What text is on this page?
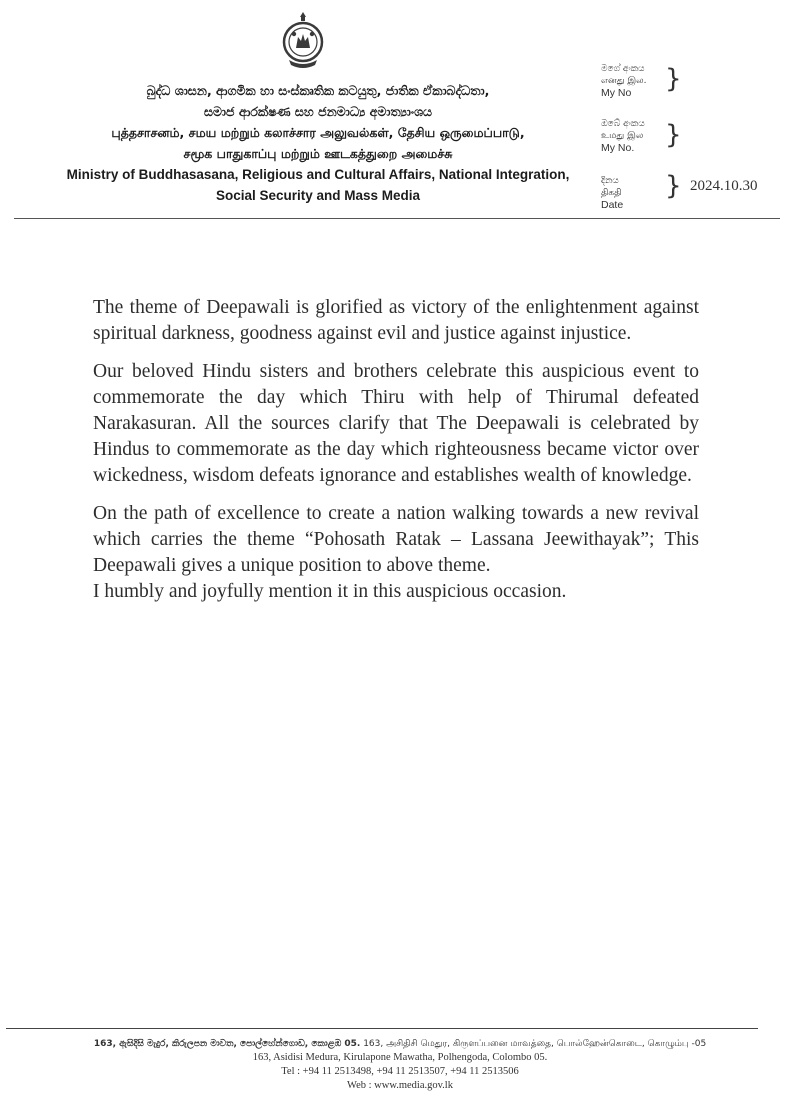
බුද්ධ ශාසන, ආගමික හා සංස්කෘතික කටයුතු, ජාතික ඒකාබද්ධතා,
සමාජ ආරක්ෂණ සහ ජනමාධ්‍ය අමාත්‍යාංශය
புத்தசாசனம், சமய மற்றும் கலாச்சார அலுவல்கள், தேசிய ஒருமைப்பாடு,
சமூக பாதுகாப்பு மற்றும் ஊடகத்துறை அமைச்சு
Ministry of Buddhasasana, Religious and Cultural Affairs, National Integration,
Social Security and Mass Media
මගේ අංකය
எனது இல.
My No	}
ඔබේ අංකය
உமது இல
My No.	}
දිනය
திகதி
Date
} 2024.10.30

The theme of Deepawali is glorified as victory of the enlightenment against spiritual darkness, goodness against evil and justice against injustice.

Our beloved Hindu sisters and brothers celebrate this auspicious event to commemorate the day which Thiru with help of Thirumal defeated Narakasuran. All the sources clarify that The Deepawali is celebrated by Hindus to commemorate as the day which righteousness became victor over wickedness, wisdom defeats ignorance and establishes wealth of knowledge.

On the path of excellence to create a nation walking towards a new revival which carries the theme “Pohosath Ratak – Lassana Jeewithayak”; This Deepawali gives a unique position to above theme.

I humbly and joyfully mention it in this auspicious occasion.

163, ඇසිදිසි මැදුර, කිරුලපන මාවත, පොල්හේන්ගොඩ, කොළඹ 05. 163, அசிதிசி மெதுர, கிருளப்பனை மாவத்தை, பொல்ஹேன்கொடை, கொழும்பு -05
163, Asidisi Medura, Kirulapone Mawatha, Polhengoda, Colombo 05.
Tel : +94 11 2513498, +94 11 2513507, +94 11 2513506
Web : www.media.gov.lk
